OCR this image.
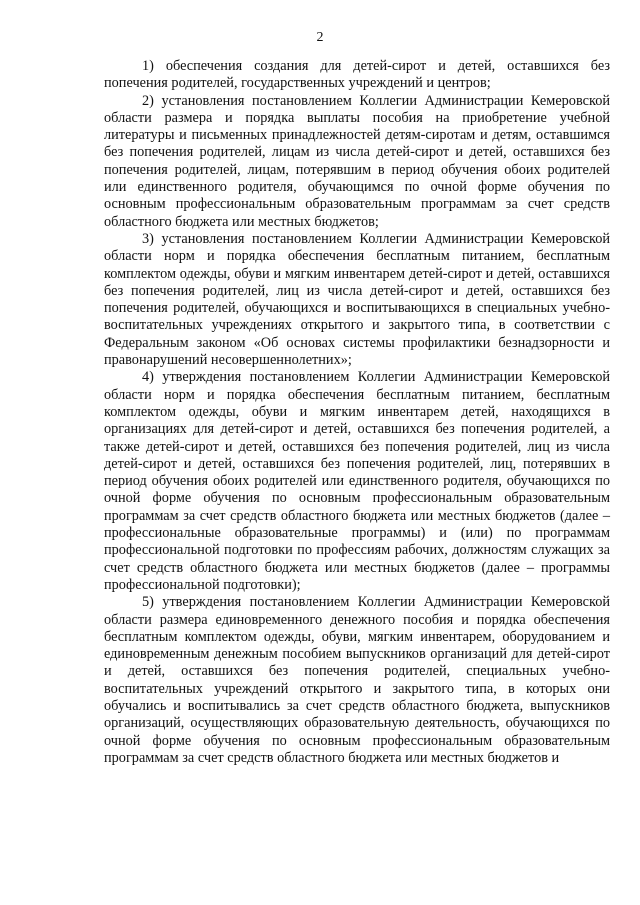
2

1) обеспечения создания для детей-сирот и детей, оставшихся без попечения родителей, государственных учреждений и центров;

2) установления постановлением Коллегии Администрации Кемеровской области размера и порядка выплаты пособия на приобретение учебной литературы и письменных принадлежностей детям-сиротам и детям, оставшимся без попечения родителей, лицам из числа детей-сирот и детей, оставшихся без попечения родителей, лицам, потерявшим в период обучения обоих родителей или единственного родителя, обучающимся по очной форме обучения по основным профессиональным образовательным программам за счет средств областного бюджета или местных бюджетов;

3) установления постановлением Коллегии Администрации Кемеровской области норм и порядка обеспечения бесплатным питанием, бесплатным комплектом одежды, обуви и мягким инвентарем детей-сирот и детей, оставшихся без попечения родителей, лиц из числа детей-сирот и детей, оставшихся без попечения родителей, обучающихся и воспитывающихся в специальных учебно-воспитательных учреждениях открытого и закрытого типа, в соответствии с Федеральным законом «Об основах системы профилактики безнадзорности и правонарушений несовершеннолетних»;

4) утверждения постановлением Коллегии Администрации Кемеровской области норм и порядка обеспечения бесплатным питанием, бесплатным комплектом одежды, обуви и мягким инвентарем детей, находящихся в организациях для детей-сирот и детей, оставшихся без попечения родителей, а также детей-сирот и детей, оставшихся без попечения родителей, лиц из числа детей-сирот и детей, оставшихся без попечения родителей, лиц, потерявших в период обучения обоих родителей или единственного родителя, обучающихся по очной форме обучения по основным профессиональным образовательным программам за счет средств областного бюджета или местных бюджетов (далее – профессиональные образовательные программы) и (или) по программам профессиональной подготовки по профессиям рабочих, должностям служащих за счет средств областного бюджета или местных бюджетов (далее – программы профессиональной подготовки);

5) утверждения постановлением Коллегии Администрации Кемеровской области размера единовременного денежного пособия и порядка обеспечения бесплатным комплектом одежды, обуви, мягким инвентарем, оборудованием и единовременным денежным пособием выпускников организаций для детей-сирот и детей, оставшихся без попечения родителей, специальных учебно-воспитательных учреждений открытого и закрытого типа, в которых они обучались и воспитывались за счет средств областного бюджета, выпускников организаций, осуществляющих образовательную деятельность, обучающихся по очной форме обучения по основным профессиональным образовательным программам за счет средств областного бюджета или местных бюджетов и
